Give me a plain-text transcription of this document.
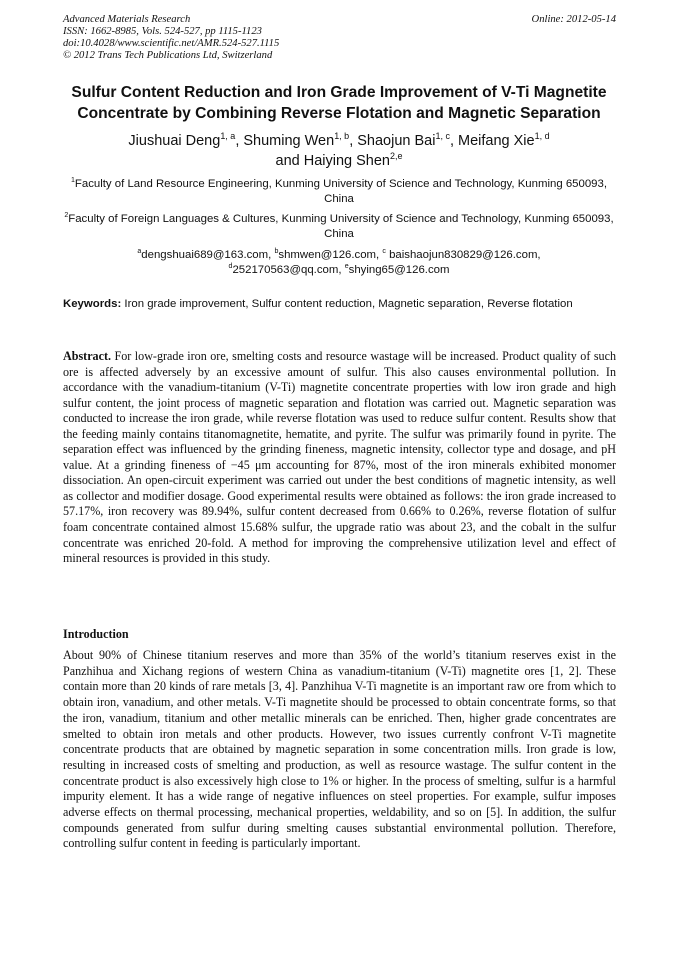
Advanced Materials Research
ISSN: 1662-8985, Vols. 524-527, pp 1115-1123
doi:10.4028/www.scientific.net/AMR.524-527.1115
© 2012 Trans Tech Publications Ltd, Switzerland
Online: 2012-05-14
Sulfur Content Reduction and Iron Grade Improvement of V-Ti Magnetite
Concentrate by Combining Reverse Flotation and Magnetic Separation
Jiushuai Deng$^{1, a}$, Shuming Wen$^{1, b}$, Shaojun Bai$^{1, c}$, Meifang Xie$^{1, d}$
and Haiying Shen$^{2,e}$
$^1$Faculty of Land Resource Engineering, Kunming University of Science and Technology, Kunming 650093, China
$^2$Faculty of Foreign Languages & Cultures, Kunming University of Science and Technology, Kunming 650093, China
$^a$dengshuai689@163.com, $^b$shmwen@126.com, $^c$ baishaojun830829@126.com,
$^d$252170563@qq.com, $^e$shying65@126.com
Keywords: Iron grade improvement, Sulfur content reduction, Magnetic separation, Reverse flotation
Abstract. For low-grade iron ore, smelting costs and resource wastage will be increased. Product quality of such ore is affected adversely by an excessive amount of sulfur. This also causes environmental pollution. In accordance with the vanadium-titanium (V-Ti) magnetite concentrate properties with low iron grade and high sulfur content, the joint process of magnetic separation and flotation was carried out. Magnetic separation was conducted to increase the iron grade, while reverse flotation was used to reduce sulfur content. Results show that the feeding mainly contains titanomagnetite, hematite, and pyrite. The sulfur was primarily found in pyrite. The separation effect was influenced by the grinding fineness, magnetic intensity, collector type and dosage, and pH value. At a grinding fineness of −45 μm accounting for 87%, most of the iron minerals exhibited monomer dissociation. An open-circuit experiment was carried out under the best conditions of magnetic intensity, as well as collector and modifier dosage. Good experimental results were obtained as follows: the iron grade increased to 57.17%, iron recovery was 89.94%, sulfur content decreased from 0.66% to 0.26%, reverse flotation of sulfur foam concentrate contained almost 15.68% sulfur, the upgrade ratio was about 23, and the cobalt in the sulfur concentrate was enriched 20-fold. A method for improving the comprehensive utilization level and effect of mineral resources is provided in this study.
Introduction
About 90% of Chinese titanium reserves and more than 35% of the world’s titanium reserves exist in the Panzhihua and Xichang regions of western China as vanadium-titanium (V-Ti) magnetite ores [1, 2]. These contain more than 20 kinds of rare metals [3, 4]. Panzhihua V-Ti magnetite is an important raw ore from which to obtain iron, vanadium, and other metals. V-Ti magnetite should be processed to obtain concentrate forms, so that the iron, vanadium, titanium and other metallic minerals can be enriched. Then, higher grade concentrates are smelted to obtain iron metals and other products. However, two issues currently confront V-Ti magnetite concentrate products that are obtained by magnetic separation in some concentration mills. Iron grade is low, resulting in increased costs of smelting and production, as well as resource wastage. The sulfur content in the concentrate product is also excessively high close to 1% or higher. In the process of smelting, sulfur is a harmful impurity element. It has a wide range of negative influences on steel properties. For example, sulfur imposes adverse effects on thermal processing, mechanical properties, weldability, and so on [5]. In addition, the sulfur compounds generated from sulfur during smelting causes substantial environmental pollution. Therefore, controlling sulfur content in feeding is particularly important.
